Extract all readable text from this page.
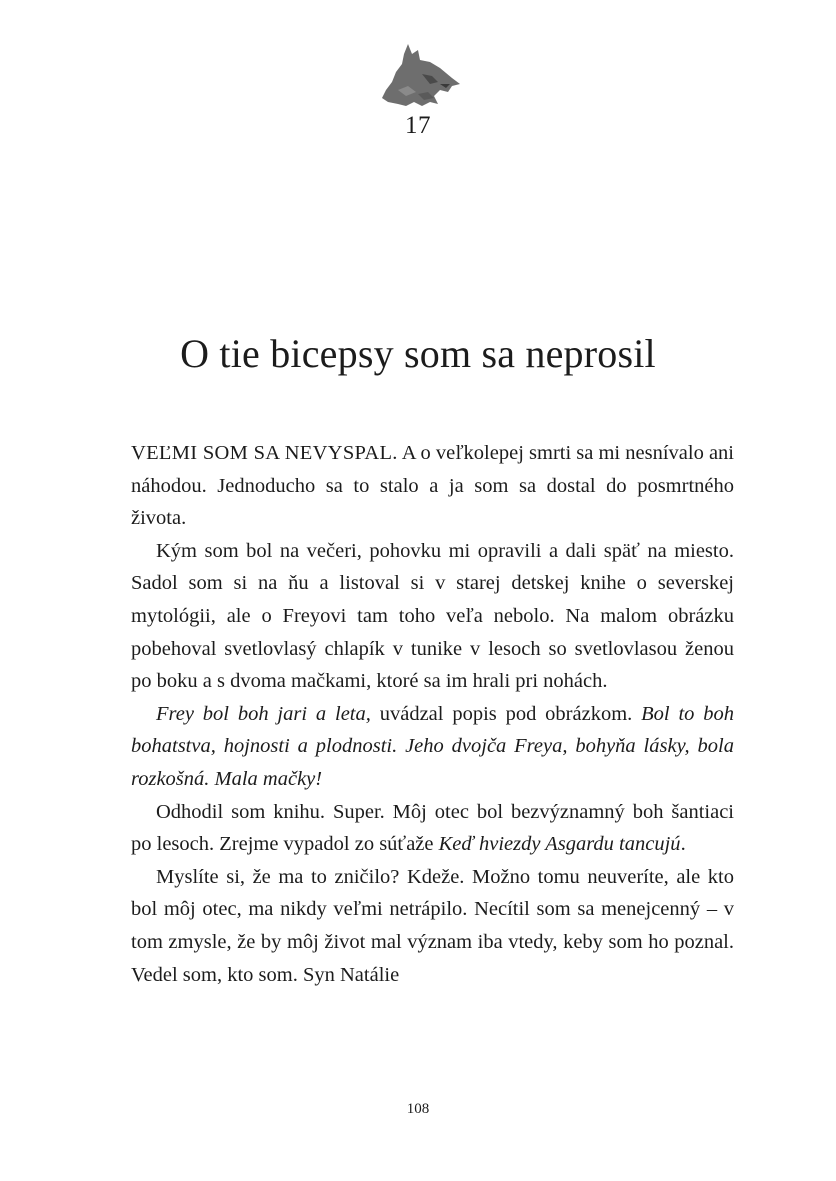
17
O tie bicepsy som sa neprosil

VEĽMI SOM SA NEVYSPAL. A o veľkolepej smrti sa mi nesnívalo ani náhodou. Jednoducho sa to stalo a ja som sa dostal do posmrtného života.

Kým som bol na večeri, pohovku mi opravili a dali späť na miesto. Sadol som si na ňu a listoval si v starej detskej knihe o severskej mytológii, ale o Freyovi tam toho veľa nebolo. Na malom obrázku pobehoval svetlovlasý chlapík v tunike v lesoch so svetlovlasou ženou po boku a s dvoma mačkami, ktoré sa im hrali pri nohách.

Frey bol boh jari a leta, uvádzal popis pod obrázkom. Bol to boh bohatstva, hojnosti a plodnosti. Jeho dvojča Freya, bohyňa lásky, bola rozkošná. Mala mačky!

Odhodil som knihu. Super. Môj otec bol bezvýznamný boh šantiaci po lesoch. Zrejme vypadol zo súťaže Keď hviezdy Asgardu tancujú.

Myslíte si, že ma to zničilo? Kdeže. Možno tomu neuveríte, ale kto bol môj otec, ma nikdy veľmi netrápilo. Necítil som sa menejcenný – v tom zmysle, že by môj život mal význam iba vtedy, keby som ho poznal. Vedel som, kto som. Syn Natálie

108
